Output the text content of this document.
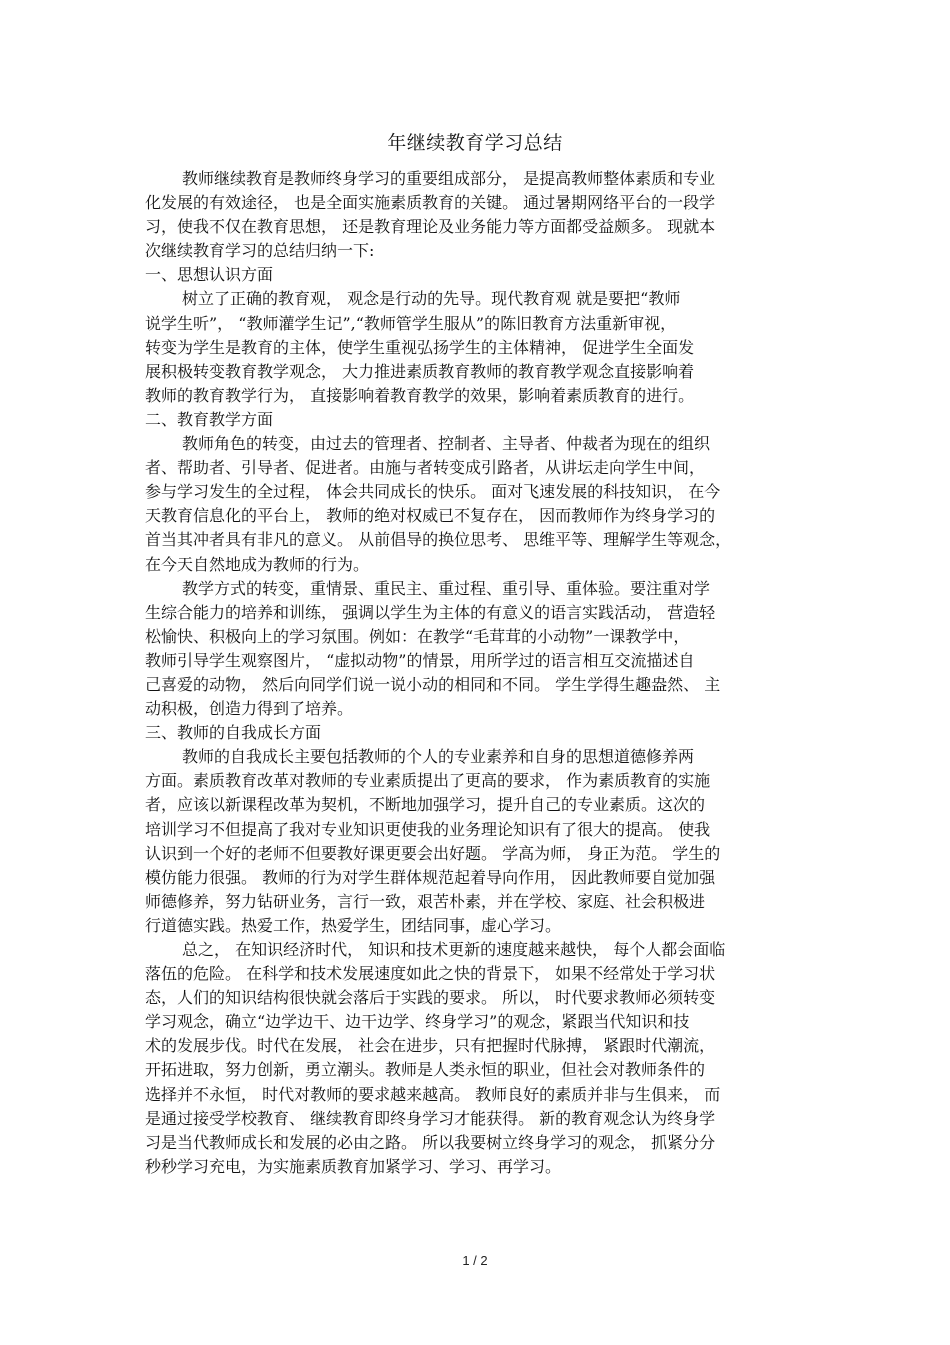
年继续教育学习总结
教师继续教育是教师终身学习的重要组成部分， 是提高教师整体素质和专业
化发展的有效途径， 也是全面实施素质教育的关键。 通过暑期网络平台的一段学
习，使我不仅在教育思想， 还是教育理论及业务能力等方面都受益颇多。 现就本
次继续教育学习的总结归纳一下:
一、思想认识方面
树立了正确的教育观， 观念是行动的先导。现代教育观 就是要把“教师
说学生听”， “教师灌学生记”,“教师管学生服从”的陈旧教育方法重新审视，
转变为学生是教育的主体，使学生重视弘扬学生的主体精神， 促进学生全面发
展积极转变教育教学观念， 大力推进素质教育教师的教育教学观念直接影响着
教师的教育教学行为， 直接影响着教育教学的效果，影响着素质教育的进行。
二、教育教学方面
教师角色的转变，由过去的管理者、控制者、主导者、仲裁者为现在的组织
者、帮助者、引导者、促进者。由施与者转变成引路者，从讲坛走向学生中间，
参与学习发生的全过程， 体会共同成长的快乐。 面对飞速发展的科技知识， 在今
天教育信息化的平台上， 教师的绝对权威已不复存在， 因而教师作为终身学习的
首当其冲者具有非凡的意义。 从前倡导的换位思考、 思维平等、理解学生等观念，
在今天自然地成为教师的行为。
教学方式的转变，重情景、重民主、重过程、重引导、重体验。要注重对学
生综合能力的培养和训练， 强调以学生为主体的有意义的语言实践活动， 营造轻
松愉快、积极向上的学习氛围。例如：在教学“毛茸茸的小动物”一课教学中，
教师引导学生观察图片， “虚拟动物”的情景，用所学过的语言相互交流描述自
己喜爱的动物， 然后向同学们说一说小动的相同和不同。 学生学得生趣盎然、 主
动积极，创造力得到了培养。
三、教师的自我成长方面
教师的自我成长主要包括教师的个人的专业素养和自身的思想道德修养两
方面。素质教育改革对教师的专业素质提出了更高的要求， 作为素质教育的实施
者，应该以新课程改革为契机，不断地加强学习，提升自己的专业素质。这次的
培训学习不但提高了我对专业知识更使我的业务理论知识有了很大的提高。 使我
认识到一个好的老师不但要教好课更要会出好题。 学高为师， 身正为范。 学生的
模仿能力很强。 教师的行为对学生群体规范起着导向作用， 因此教师要自觉加强
师德修养，努力钻研业务，言行一致，艰苦朴素，并在学校、家庭、社会积极进
行道德实践。热爱工作，热爱学生，团结同事，虚心学习。
总之， 在知识经济时代， 知识和技术更新的速度越来越快， 每个人都会面临
落伍的危险。 在科学和技术发展速度如此之快的背景下， 如果不经常处于学习状
态，人们的知识结构很快就会落后于实践的要求。 所以， 时代要求教师必须转变
学习观念，确立“边学边干、边干边学、终身学习”的观念，紧跟当代知识和技
术的发展步伐。时代在发展， 社会在进步，只有把握时代脉搏， 紧跟时代潮流，
开拓进取，努力创新，勇立潮头。教师是人类永恒的职业，但社会对教师条件的
选择并不永恒， 时代对教师的要求越来越高。 教师良好的素质并非与生俱来， 而
是通过接受学校教育、 继续教育即终身学习才能获得。 新的教育观念认为终身学
习是当代教师成长和发展的必由之路。 所以我要树立终身学习的观念， 抓紧分分
秒秒学习充电，为实施素质教育加紧学习、学习、再学习。
1 / 2
